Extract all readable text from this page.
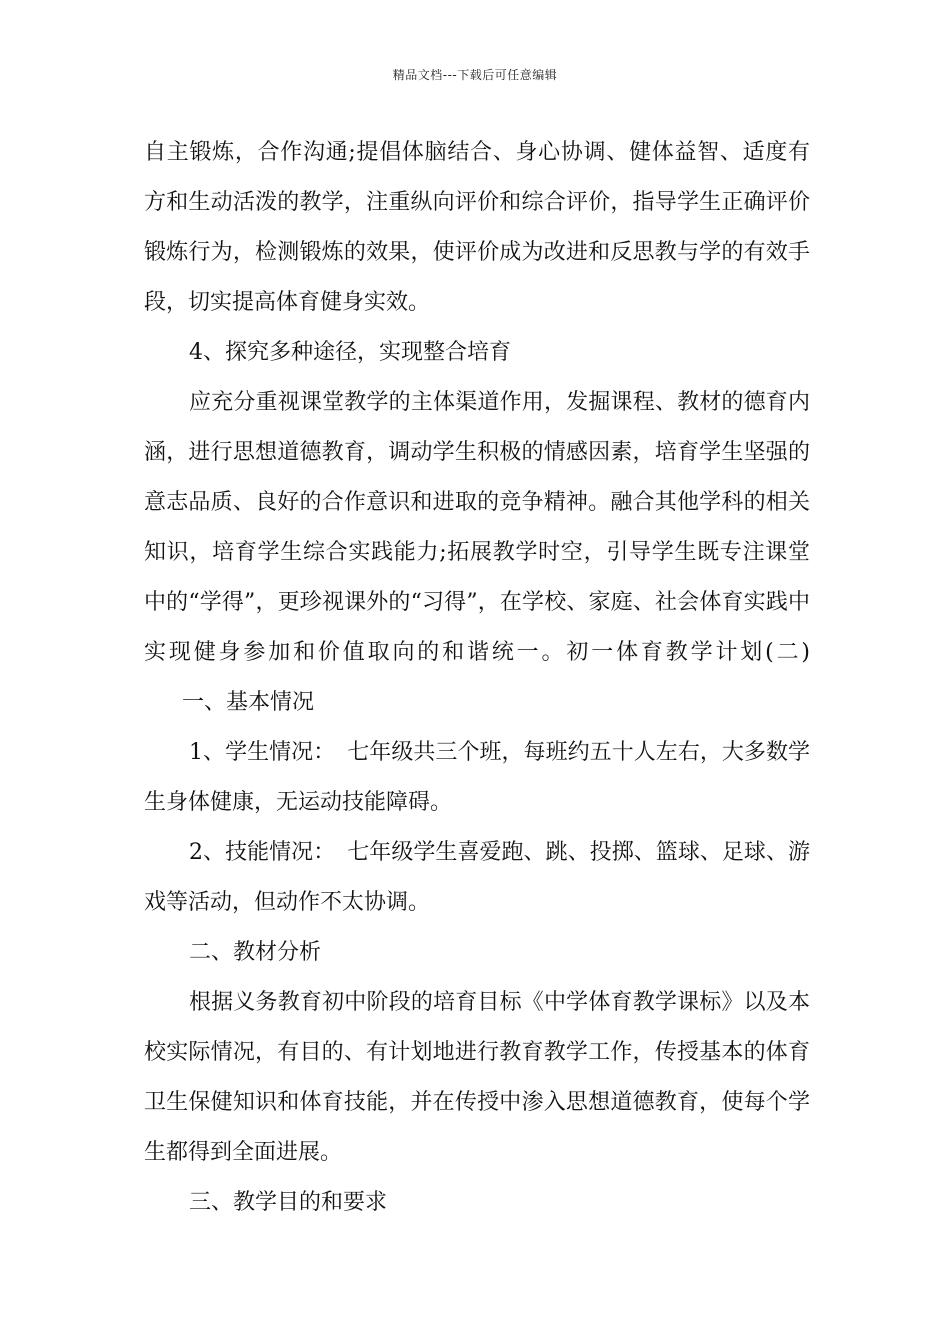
精品文档---下载后可任意编辑

自主锻炼，合作沟通;提倡体脑结合、身心协调、健体益智、适度有方和生动活泼的教学，注重纵向评价和综合评价，指导学生正确评价锻炼行为，检测锻炼的效果，使评价成为改进和反思教与学的有效手段，切实提高体育健身实效。

4、探究多种途径，实现整合培育

应充分重视课堂教学的主体渠道作用，发掘课程、教材的德育内涵，进行思想道德教育，调动学生积极的情感因素，培育学生坚强的意志品质、良好的合作意识和进取的竞争精神。融合其他学科的相关知识，培育学生综合实践能力;拓展教学时空，引导学生既专注课堂中的“学得”，更珍视课外的“习得”，在学校、家庭、社会体育实践中实现健身参加和价值取向的和谐统一。初一体育教学计划(二)一、基本情况

1、学生情况： 七年级共三个班，每班约五十人左右，大多数学生身体健康，无运动技能障碍。

2、技能情况： 七年级学生喜爱跑、跳、投掷、篮球、足球、游戏等活动，但动作不太协调。

二、教材分析

根据义务教育初中阶段的培育目标《中学体育教学课标》以及本校实际情况，有目的、有计划地进行教育教学工作，传授基本的体育卫生保健知识和体育技能，并在传授中渗入思想道德教育，使每个学生都得到全面进展。

三、教学目的和要求
